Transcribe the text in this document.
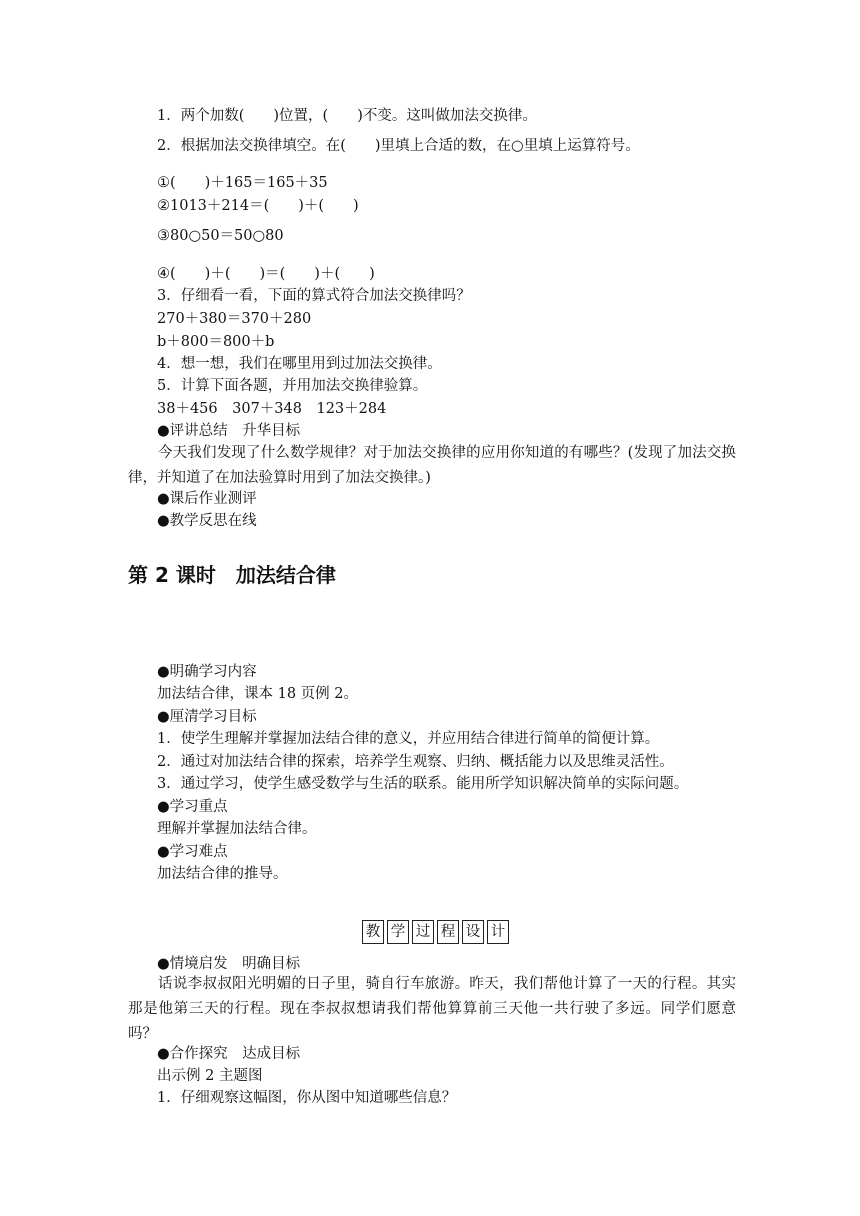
1．两个加数(　　)位置，(　　)不变。这叫做加法交换律。

2．根据加法交换律填空。在(　　)里填上合适的数，在○里填上运算符号。

①(　　)＋165＝165＋35

②1013＋214＝(　　)＋(　　)

③80○50＝50○80

④(　　)＋(　　)＝(　　)＋(　　)

3．仔细看一看，下面的算式符合加法交换律吗？

270＋380＝370＋280

b＋800＝800＋b

4．想一想，我们在哪里用到过加法交换律。

5．计算下面各题，并用加法交换律验算。

38＋456　307＋348　123＋284

●评讲总结　升华目标

今天我们发现了什么数学规律？对于加法交换律的应用你知道的有哪些？(发现了加法交换律，并知道了在加法验算时用到了加法交换律。)

●课后作业测评

●教学反思在线

第 2 课时　加法结合律

●明确学习内容

加法结合律，课本 18 页例 2。

●厘清学习目标

1．使学生理解并掌握加法结合律的意义，并应用结合律进行简单的简便计算。

2．通过对加法结合律的探索，培养学生观察、归纳、概括能力以及思维灵活性。

3．通过学习，使学生感受数学与生活的联系。能用所学知识解决简单的实际问题。

●学习重点

理解并掌握加法结合律。

●学习难点

加法结合律的推导。

教 学 过 程 设 计

●情境启发　明确目标

话说李叔叔阳光明媚的日子里，骑自行车旅游。昨天，我们帮他计算了一天的行程。其实那是他第三天的行程。现在李叔叔想请我们帮他算算前三天他一共行驶了多远。同学们愿意吗？

●合作探究　达成目标

出示例 2 主题图

1．仔细观察这幅图，你从图中知道哪些信息？
